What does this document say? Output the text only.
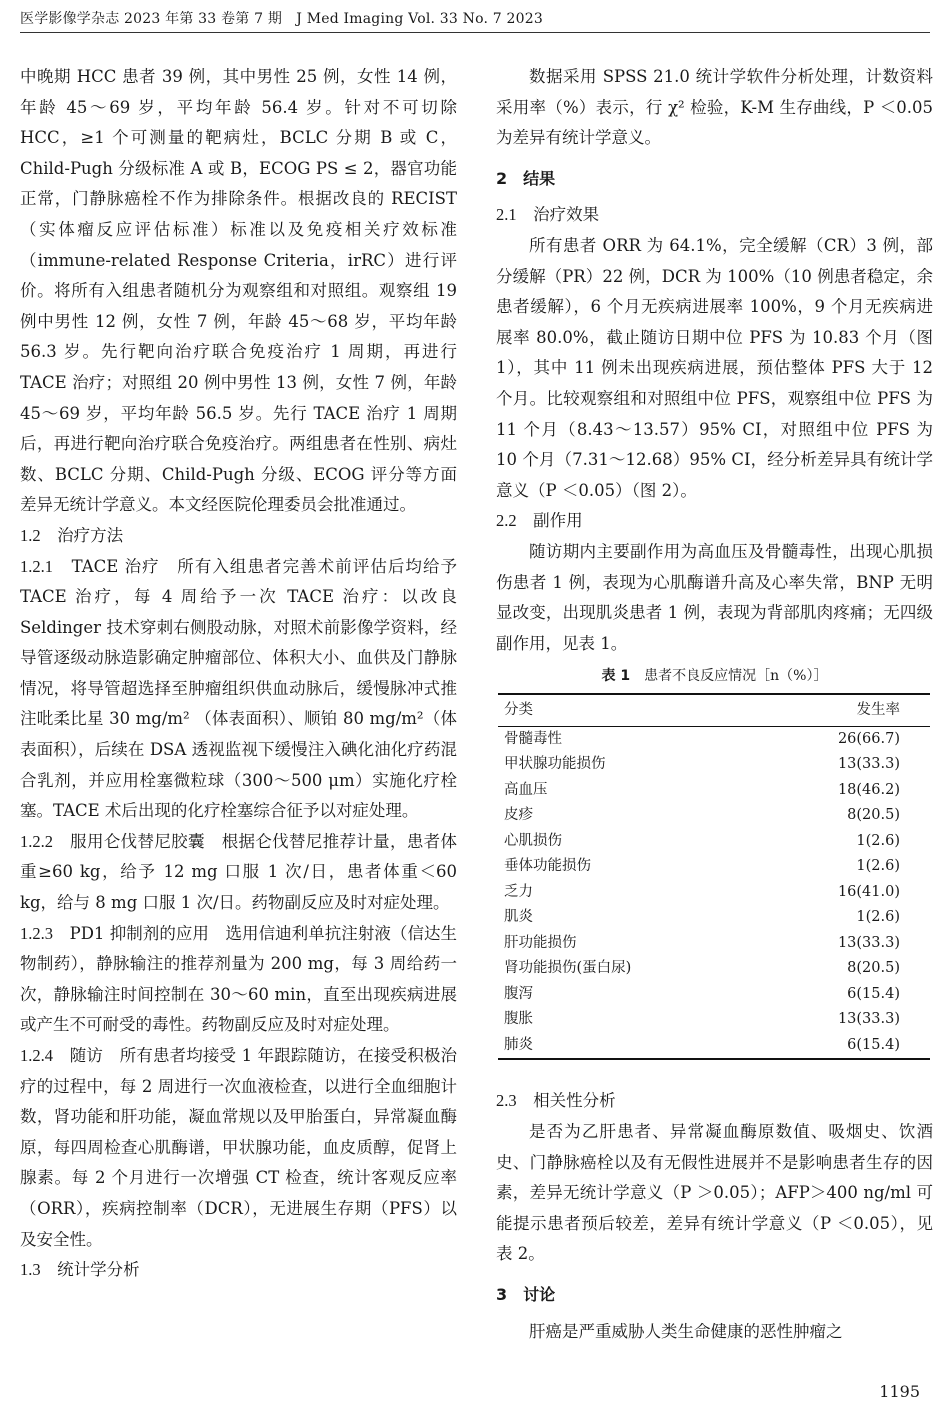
医学影像学杂志 2023 年第 33 卷第 7 期　J Med Imaging Vol. 33 No. 7 2023

中晚期 HCC 患者 39 例，其中男性 25 例，女性 14 例，年龄 45～69 岁，平均年龄 56.4 岁。针对不可切除 HCC，≥1 个可测量的靶病灶，BCLC 分期 B 或 C，Child-Pugh 分级标准 A 或 B，ECOG PS ≤ 2，器官功能正常，门静脉癌栓不作为排除条件。根据改良的 RECIST（实体瘤反应评估标准）标准以及免疫相关疗效标准（immune-related Response Criteria，irRC）进行评价。将所有入组患者随机分为观察组和对照组。观察组 19 例中男性 12 例，女性 7 例，年龄 45～68 岁，平均年龄 56.3 岁。先行靶向治疗联合免疫治疗 1 周期，再进行 TACE 治疗；对照组 20 例中男性 13 例，女性 7 例，年龄 45～69 岁，平均年龄 56.5 岁。先行 TACE 治疗 1 周期后，再进行靶向治疗联合免疫治疗。两组患者在性别、病灶数、BCLC 分期、Child-Pugh 分级、ECOG 评分等方面差异无统计学意义。本文经医院伦理委员会批准通过。

1.2　 治疗方法

1.2.1　 TACE 治疗　 所有入组患者完善术前评估后均给予 TACE 治疗，每 4 周给予一次 TACE 治疗：以改良 Seldinger 技术穿刺右侧股动脉，对照术前影像学资料，经导管逐级动脉造影确定肿瘤部位、体积大小、血供及门静脉情况，将导管超选择至肿瘤组织供血动脉后，缓慢脉冲式推注吡柔比星 30 mg/m² （体表面积）、顺铂 80 mg/m²（体表面积），后续在 DSA 透视监视下缓慢注入碘化油化疗药混合乳剂，并应用栓塞微粒球（300～500 μm）实施化疗栓塞。TACE 术后出现的化疗栓塞综合征予以对症处理。

1.2.2　 服用仑伐替尼胶囊　 根据仑伐替尼推荐计量，患者体重≥60 kg，给予 12 mg 口服 1 次/日，患者体重＜60 kg，给与 8 mg 口服 1 次/日。药物副反应及时对症处理。

1.2.3　 PD1 抑制剂的应用　 选用信迪利单抗注射液（信达生物制药），静脉输注的推荐剂量为 200 mg，每 3 周给药一次，静脉输注时间控制在 30～60 min，直至出现疾病进展或产生不可耐受的毒性。药物副反应及时对症处理。

1.2.4　 随访　 所有患者均接受 1 年跟踪随访，在接受积极治疗的过程中，每 2 周进行一次血液检查，以进行全血细胞计数，肾功能和肝功能，凝血常规以及甲胎蛋白，异常凝血酶原，每四周检查心肌酶谱，甲状腺功能，血皮质醇，促肾上腺素。每 2 个月进行一次增强 CT 检查，统计客观反应率（ORR），疾病控制率（DCR），无进展生存期（PFS）以及安全性。

1.3　 统计学分析

数据采用 SPSS 21.0 统计学软件分析处理，计数资料采用率（%）表示，行 χ² 检验，K-M 生存曲线，P ＜0.05 为差异有统计学意义。

2　 结果

2.1　 治疗效果

所有患者 ORR 为 64.1%，完全缓解（CR）3 例，部分缓解（PR）22 例，DCR 为 100%（10 例患者稳定，余患者缓解），6 个月无疾病进展率 100%，9 个月无疾病进展率 80.0%，截止随访日期中位 PFS 为 10.83 个月（图 1），其中 11 例未出现疾病进展，预估整体 PFS 大于 12 个月。比较观察组和对照组中位 PFS，观察组中位 PFS 为 11 个月（8.43～13.57）95% CI，对照组中位 PFS 为 10 个月（7.31～12.68）95% CI，经分析差异具有统计学意义（P ＜0.05）（图 2）。

2.2　 副作用

随访期内主要副作用为高血压及骨髓毒性，出现心肌损伤患者 1 例，表现为心肌酶谱升高及心率失常，BNP 无明显改变，出现肌炎患者 1 例，表现为背部肌肉疼痛；无四级副作用，见表 1。

表 1　 患者不良反应情况［n（%）］

分类	发生率
骨髓毒性	26(66.7)
甲状腺功能损伤	13(33.3)
高血压	18(46.2)
皮疹	8(20.5)
心肌损伤	1(2.6)
垂体功能损伤	1(2.6)
乏力	16(41.0)
肌炎	1(2.6)
肝功能损伤	13(33.3)
肾功能损伤(蛋白尿)	8(20.5)
腹泻	6(15.4)
腹胀	13(33.3)
肺炎	6(15.4)

2.3　 相关性分析

是否为乙肝患者、异常凝血酶原数值、吸烟史、饮酒史、门静脉癌栓以及有无假性进展并不是影响患者生存的因素，差异无统计学意义（P ＞0.05）；AFP＞400 ng/ml 可能提示患者预后较差，差异有统计学意义（P ＜0.05），见表 2。

3　 讨论

肝癌是严重威胁人类生命健康的恶性肿瘤之

1195
